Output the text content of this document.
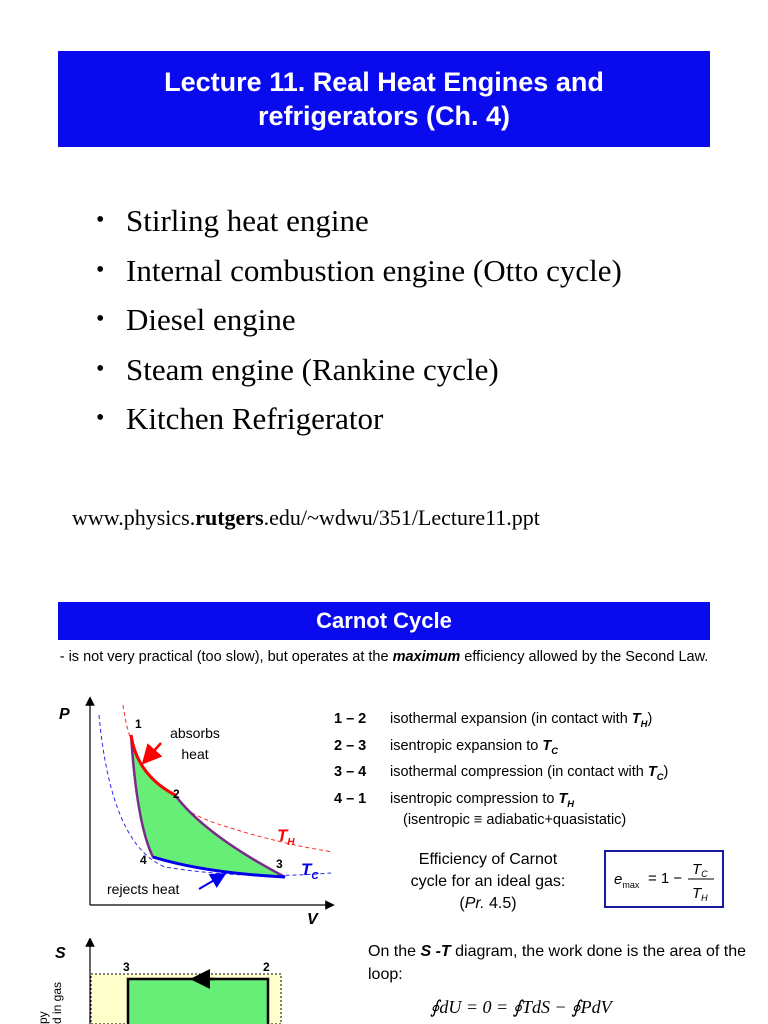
Lecture 11. Real Heat Engines and
refrigerators (Ch. 4)
• Stirling heat engine
• Internal combustion engine (Otto cycle)
• Diesel engine
• Steam engine (Rankine cycle)
• Kitchen Refrigerator
www.physics.rutgers.edu/~wdwu/351/Lecture11.ppt
Carnot Cycle
- is not very practical (too slow), but operates at the maximum efficiency allowed by the Second Law.
P
V
1
2
3
4
absorbs
heat
rejects heat
$T_H$
$T_C$
1 – 2 isothermal expansion (in contact with $T_H$)
2 – 3 isentropic expansion to $T_C$
3 – 4 isothermal compression (in contact with $T_C$)
4 – 1 isentropic compression to $T_H$
(isentropic ≡ adiabatic+quasistatic)
Efficiency of Carnot
cycle for an ideal gas:
(Pr. 4.5)
$e_{max} = 1$ −
$T_C$
$T_H$
S
3	2
py d in gas
On the S -T diagram, the work done is the area of the loop:
∮dU = 0 = ∮TdS − ∮PdV
